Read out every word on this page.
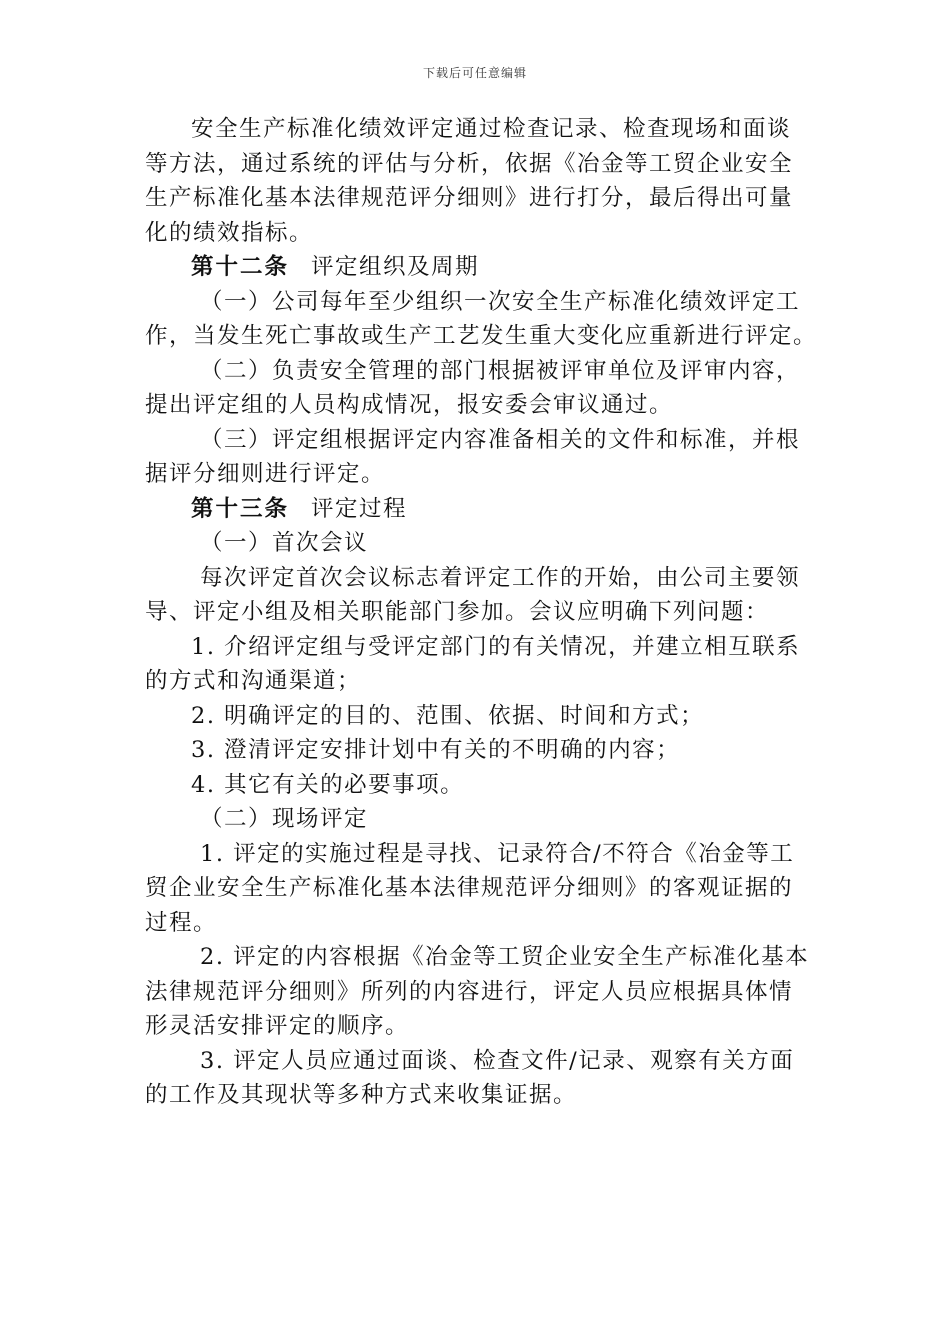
下载后可任意编辑
安全生产标准化绩效评定通过检查记录、检查现场和面谈
等方法，通过系统的评估与分析，依据《冶金等工贸企业安全
生产标准化基本法律规范评分细则》进行打分，最后得出可量
化的绩效指标。
第十二条 评定组织及周期
（一）公司每年至少组织一次安全生产标准化绩效评定工
作，当发生死亡事故或生产工艺发生重大变化应重新进行评定。
（二）负责安全管理的部门根据被评审单位及评审内容，
提出评定组的人员构成情况，报安委会审议通过。
（三）评定组根据评定内容准备相关的文件和标准，并根
据评分细则进行评定。
第十三条 评定过程
（一）首次会议
每次评定首次会议标志着评定工作的开始，由公司主要领
导、评定小组及相关职能部门参加。会议应明确下列问题：
1. 介绍评定组与受评定部门的有关情况，并建立相互联系
的方式和沟通渠道；
2. 明确评定的目的、范围、依据、时间和方式；
3. 澄清评定安排计划中有关的不明确的内容；
4. 其它有关的必要事项。
（二）现场评定
1. 评定的实施过程是寻找、记录符合/不符合《冶金等工
贸企业安全生产标准化基本法律规范评分细则》的客观证据的
过程。
2. 评定的内容根据《冶金等工贸企业安全生产标准化基本
法律规范评分细则》所列的内容进行，评定人员应根据具体情
形灵活安排评定的顺序。
3. 评定人员应通过面谈、检查文件/记录、观察有关方面
的工作及其现状等多种方式来收集证据。
